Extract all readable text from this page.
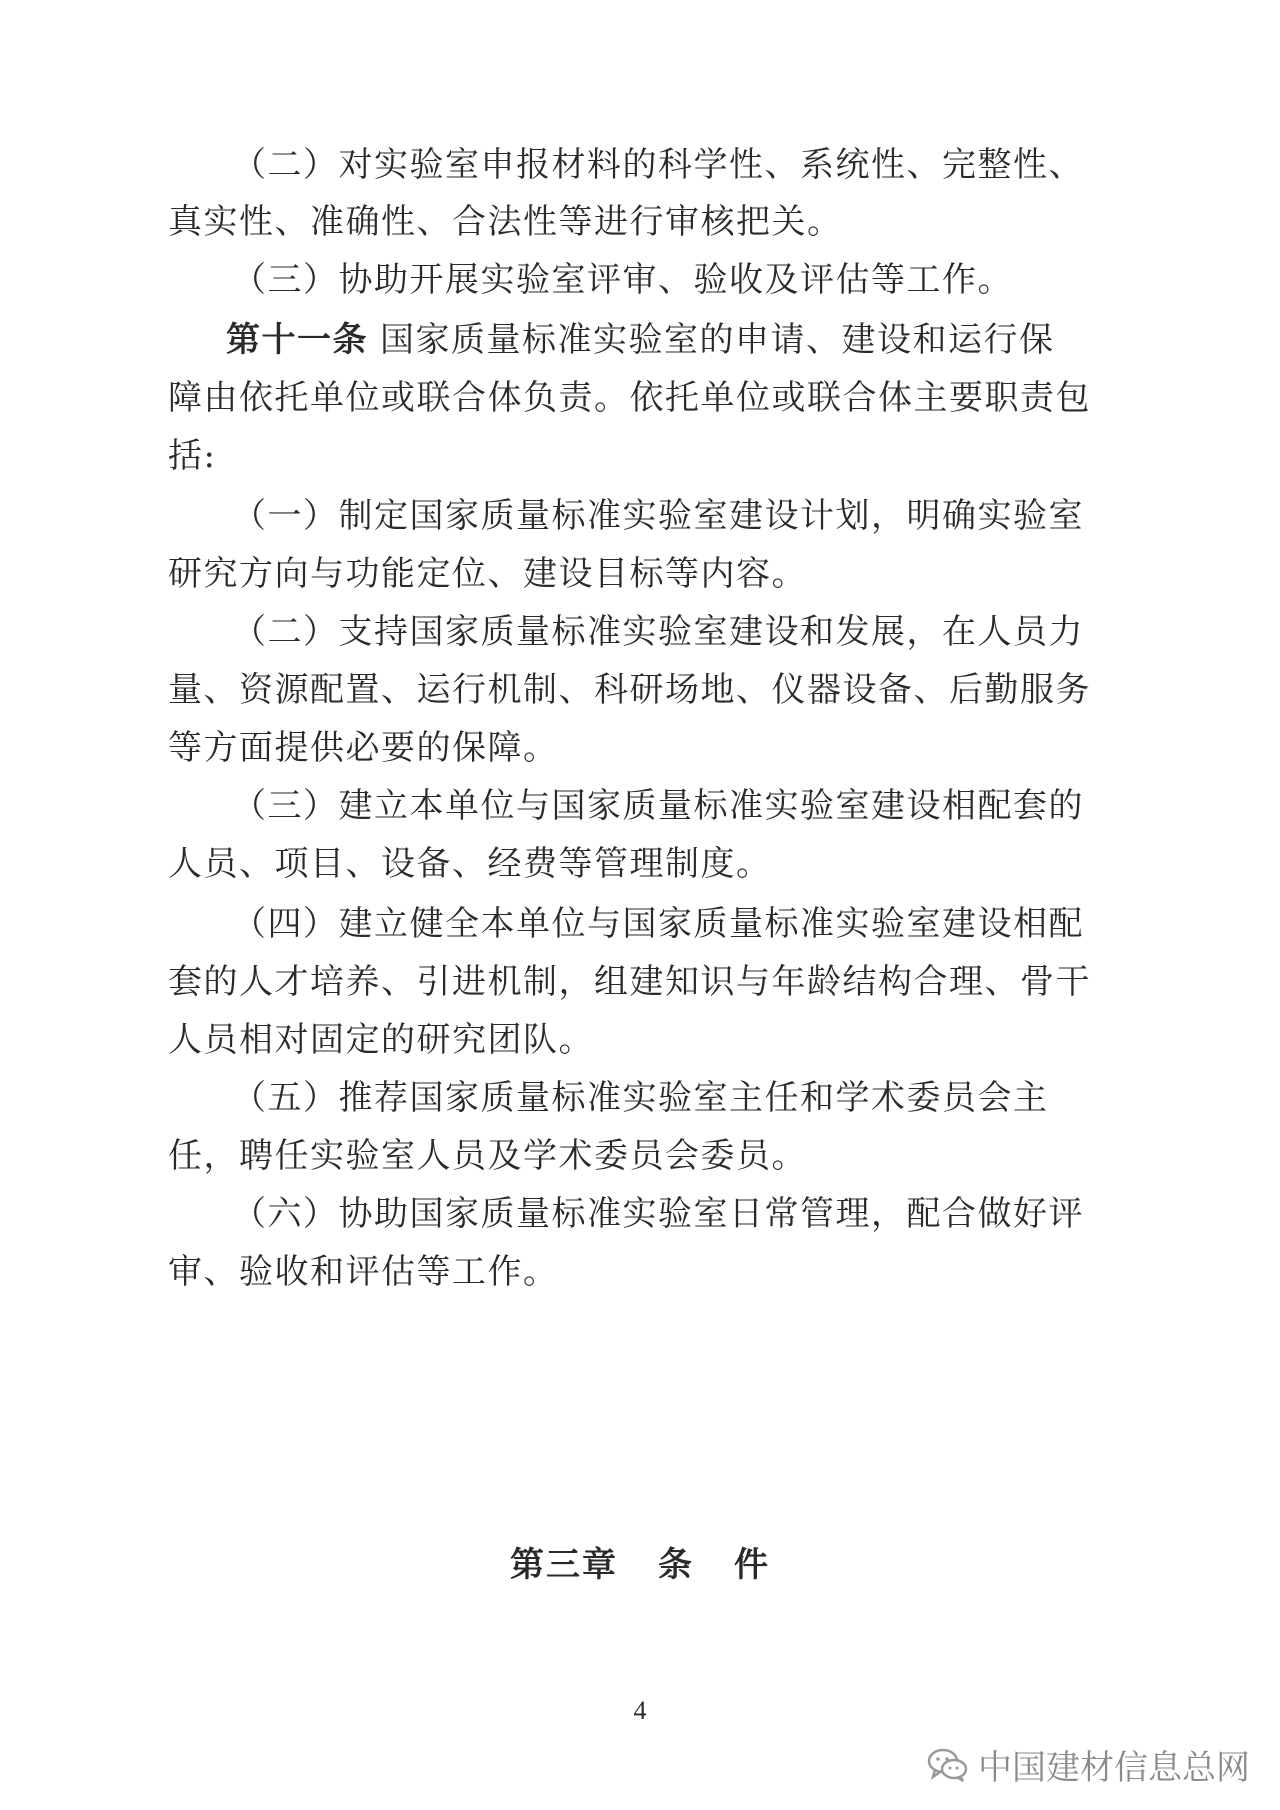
（二）对实验室申报材料的科学性、系统性、完整性、
真实性、准确性、合法性等进行审核把关。
（三）协助开展实验室评审、验收及评估等工作。
第十一条 国家质量标准实验室的申请、建设和运行保
障由依托单位或联合体负责。依托单位或联合体主要职责包
括:
（一）制定国家质量标准实验室建设计划，明确实验室
研究方向与功能定位、建设目标等内容。
（二）支持国家质量标准实验室建设和发展，在人员力
量、资源配置、运行机制、科研场地、仪器设备、后勤服务
等方面提供必要的保障。
（三）建立本单位与国家质量标准实验室建设相配套的
人员、项目、设备、经费等管理制度。
（四）建立健全本单位与国家质量标准实验室建设相配
套的人才培养、引进机制，组建知识与年龄结构合理、骨干
人员相对固定的研究团队。
（五）推荐国家质量标准实验室主任和学术委员会主
任，聘任实验室人员及学术委员会委员。
（六）协助国家质量标准实验室日常管理，配合做好评
审、验收和评估等工作。
第三章 条 件
4
中国建材信息总网
